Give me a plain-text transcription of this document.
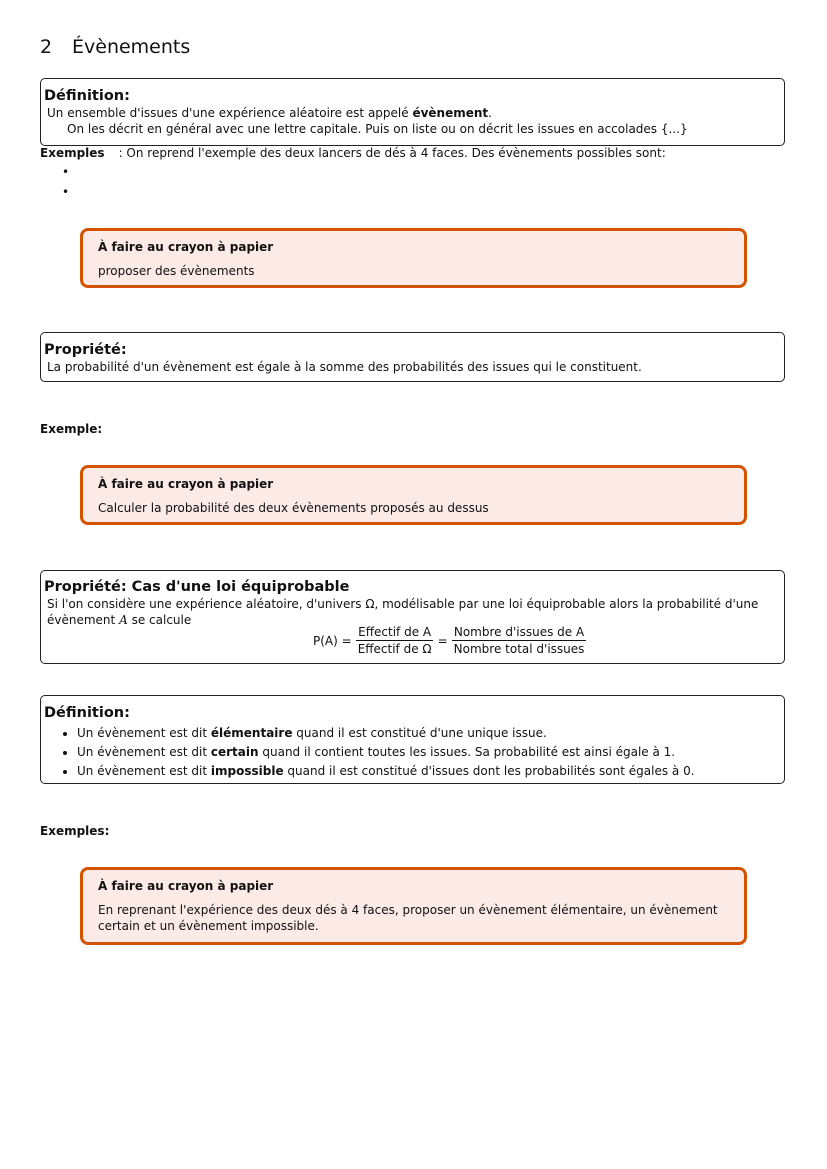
2 Évènements
Définition:
Un ensemble d'issues d'une expérience aléatoire est appelé évènement.
On les décrit en général avec une lettre capitale. Puis on liste ou on décrit les issues en accolades {...}
Exemples : On reprend l'exemple des deux lancers de dés à 4 faces. Des évènements possibles sont:
•
•
À faire au crayon à papier
proposer des évènements
Propriété:
La probabilité d'un évènement est égale à la somme des probabilités des issues qui le constituent.
Exemple:
À faire au crayon à papier
Calculer la probabilité des deux évènements proposés au dessus
Propriété: Cas d'une loi équiprobable
Si l'on considère une expérience aléatoire, d'univers Ω, modélisable par une loi équiprobable alors la probabilité d'une évènement A se calcule
$P(A) = \frac{\text{Effectif de A}}{\text{Effectif de Ω}} = \frac{\text{Nombre d'issues de A}}{\text{Nombre total d'issues}}$
Définition:
• Un évènement est dit élémentaire quand il est constitué d'une unique issue.
• Un évènement est dit certain quand il contient toutes les issues. Sa probabilité est ainsi égale à 1.
• Un évènement est dit impossible quand il est constitué d'issues dont les probabilités sont égales à 0.
Exemples:
À faire au crayon à papier
En reprenant l'expérience des deux dés à 4 faces, proposer un évènement élémentaire, un évènement certain et un évènement impossible.
